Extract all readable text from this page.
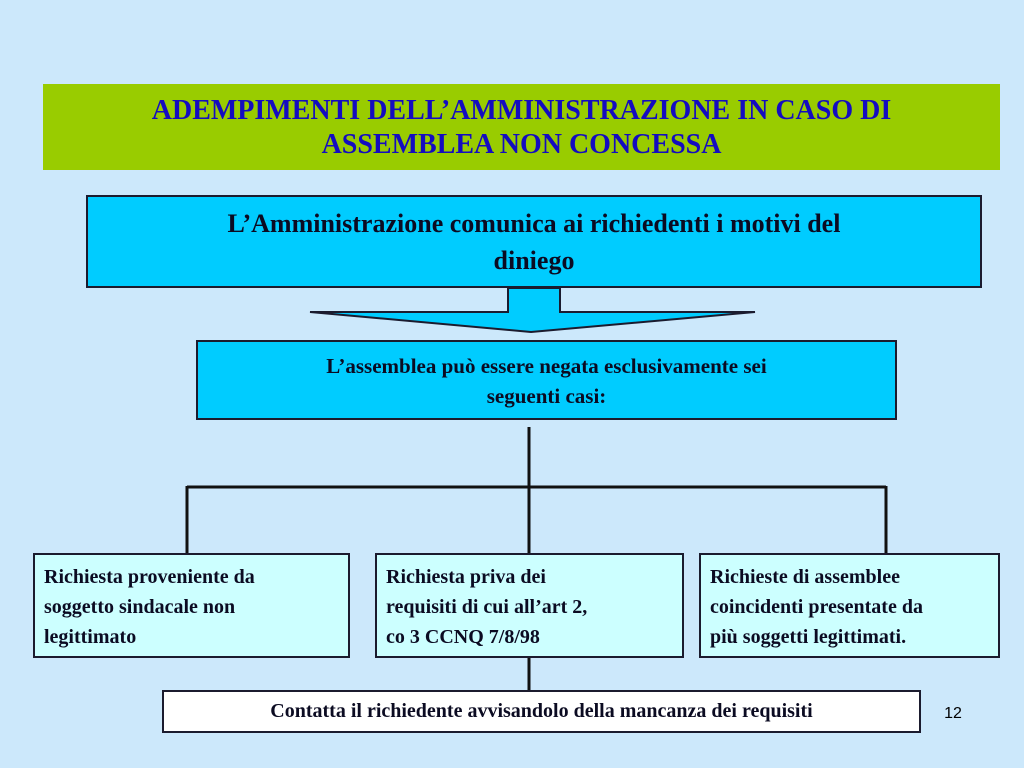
ADEMPIMENTI DELL’AMMINISTRAZIONE IN CASO DI
ASSEMBLEA NON CONCESSA
L’Amministrazione comunica ai richiedenti i motivi del
diniego
L’assemblea può essere negata esclusivamente sei
seguenti casi:
Richiesta proveniente da
soggetto sindacale non
legittimato
Richiesta priva dei
requisiti di cui all’art 2,
co 3 CCNQ 7/8/98
Richieste di assemblee
coincidenti presentate da
più soggetti legittimati.
Contatta il richiedente avvisandolo della mancanza dei requisiti	12
